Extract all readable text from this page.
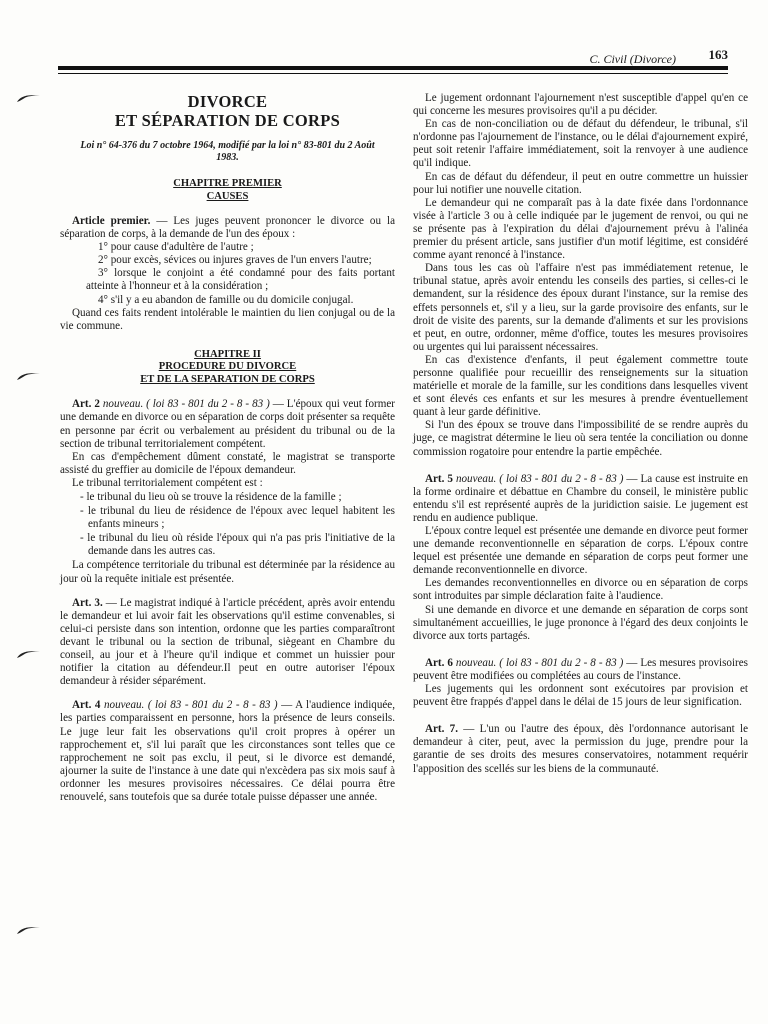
C. Civil (Divorce)	163
DIVORCE
ET SÉPARATION DE CORPS
Loi n° 64-376 du 7 octobre 1964, modifié par la loi n° 83-801 du 2 Août 1983.
CHAPITRE PREMIER
CAUSES

Article premier. — Les juges peuvent prononcer le divorce ou la séparation de corps, à la demande de l'un des époux :

1° pour cause d'adultère de l'autre ;

2° pour excès, sévices ou injures graves de l'un envers l'autre;

3° lorsque le conjoint a été condamné pour des faits portant atteinte à l'honneur et à la considération ;

4° s'il y a eu abandon de famille ou du domicile conjugal.

Quand ces faits rendent intolérable le maintien du lien conjugal ou de la vie commune.

CHAPITRE II
PROCEDURE DU DIVORCE
ET DE LA SEPARATION DE CORPS

Art. 2 nouveau. ( loi 83 - 801 du 2 - 8 - 83 ) — L'époux qui veut former une demande en divorce ou en séparation de corps doit présenter sa requête en personne par écrit ou verbalement au président du tribunal ou de la section de tribunal territorialement compétent.

En cas d'empêchement dûment constaté, le magistrat se transporte assisté du greffier au domicile de l'époux demandeur.

Le tribunal territorialement compétent est :

- le tribunal du lieu où se trouve la résidence de la famille ;

- le tribunal du lieu de résidence de l'époux avec lequel habitent les enfants mineurs ;

- le tribunal du lieu où réside l'époux qui n'a pas pris l'initiative de la demande dans les autres cas.

La compétence territoriale du tribunal est déterminée par la résidence au jour où la requête initiale est présentée.

Art. 3. — Le magistrat indiqué à l'article précédent, après avoir entendu le demandeur et lui avoir fait les observations qu'il estime convenables, si celui-ci persiste dans son intention, ordonne que les parties comparaîtront devant le tribunal ou la section de tribunal, siègeant en Chambre du conseil, au jour et à l'heure qu'il indique et commet un huissier pour notifier la citation au défendeur.Il peut en outre autoriser l'époux demandeur à résider séparément.

Art. 4 nouveau. ( loi 83 - 801 du 2 - 8 - 83 ) — A l'audience indiquée, les parties comparaissent en personne, hors la présence de leurs conseils. Le juge leur fait les observations qu'il croit propres à opérer un rapprochement et, s'il lui paraît que les circonstances sont telles que ce rapprochement ne soit pas exclu, il peut, si le divorce est demandé, ajourner la suite de l'instance à une date qui n'excèdera pas six mois sauf à ordonner les mesures provisoires nécessaires. Ce délai pourra être renouvelé, sans toutefois que sa durée totale puisse dépasser une année.

Le jugement ordonnant l'ajournement n'est susceptible d'appel qu'en ce qui concerne les mesures provisoires qu'il a pu décider.

En cas de non-conciliation ou de défaut du défendeur, le tribunal, s'il n'ordonne pas l'ajournement de l'instance, ou le délai d'ajournement expiré, peut soit retenir l'affaire immédiatement, soit la renvoyer à une audience qu'il indique.

En cas de défaut du défendeur, il peut en outre commettre un huissier pour lui notifier une nouvelle citation.

Le demandeur qui ne comparaît pas à la date fixée dans l'ordonnance visée à l'article 3 ou à celle indiquée par le jugement de renvoi, ou qui ne se présente pas à l'expiration du délai d'ajournement prévu à l'alinéa premier du présent article, sans justifier d'un motif légitime, est considéré comme ayant renoncé à l'instance.

Dans tous les cas où l'affaire n'est pas immédiatement retenue, le tribunal statue, après avoir entendu les conseils des parties, si celles-ci le demandent, sur la résidence des époux durant l'instance, sur la remise des effets personnels et, s'il y a lieu, sur la garde provisoire des enfants, sur le droit de visite des parents, sur la demande d'aliments et sur les provisions et peut, en outre, ordonner, même d'office, toutes les mesures provisoires ou urgentes qui lui paraissent nécessaires.

En cas d'existence d'enfants, il peut également commettre toute personne qualifiée pour recueillir des renseignements sur la situation matérielle et morale de la famille, sur les conditions dans lesquelles vivent et sont élevés ces enfants et sur les mesures à prendre éventuellement quant à leur garde définitive.

Si l'un des époux se trouve dans l'impossibilité de se rendre auprès du juge, ce magistrat détermine le lieu où sera tentée la conciliation ou donne commission rogatoire pour entendre la partie empêchée.

Art. 5 nouveau. ( loi 83 - 801 du 2 - 8 - 83 ) — La cause est instruite en la forme ordinaire et débattue en Chambre du conseil, le ministère public entendu s'il est représenté auprès de la juridiction saisie. Le jugement est rendu en audience publique.

L'époux contre lequel est présentée une demande en divorce peut former une demande reconventionnelle en séparation de corps. L'époux contre lequel est présentée une demande en séparation de corps peut former une demande reconventionnelle en divorce.

Les demandes reconventionnelles en divorce ou en séparation de corps sont introduites par simple déclaration faite à l'audience.

Si une demande en divorce et une demande en séparation de corps sont simultanément accueillies, le juge prononce à l'égard des deux conjoints le divorce aux torts partagés.

Art. 6 nouveau. ( loi 83 - 801 du 2 - 8 - 83 ) — Les mesures provisoires peuvent être modifiées ou complétées au cours de l'instance.

Les jugements qui les ordonnent sont exécutoires par provision et peuvent être frappés d'appel dans le délai de 15 jours de leur signification.

Art. 7. — L'un ou l'autre des époux, dès l'ordonnance autorisant le demandeur à citer, peut, avec la permission du juge, prendre pour la garantie de ses droits des mesures conservatoires, notamment requérir l'apposition des scellés sur les biens de la communauté.
